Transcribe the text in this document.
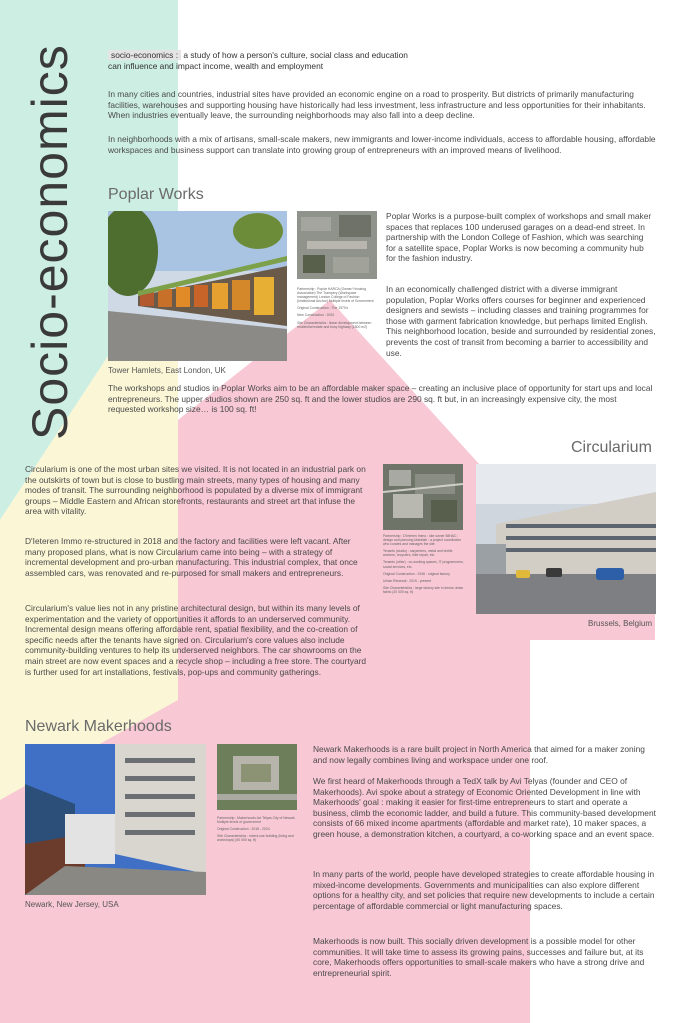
Socio-economics	socio-economics : a study of how a person's culture, social class and education can influence and impact income, wealth and employment

In many cities and countries, industrial sites have provided an economic engine on a road to prosperity. But districts of primarily manufacturing facilities, warehouses and supporting housing have historically had less investment, less infrastructure and less opportunities for their inhabitants. When industries eventually leave, the surrounding neighborhoods may also fall into a deep decline.

In neighborhoods with a mix of artisans, small-scale makers, new immigrants and lower-income individuals, access to affordable housing, affordable workspaces and business support can translate into growing group of entrepreneurs with an improved means of livelihood.

Poplar Works

Partnership : Poplar HARCA (Owner/ Housing Association) The Trampery (Workspace management) London College of Fashion (Institutional Anchor) Multiple levels of Government

Original Construction : The 1970's

New Construction : 2020

Site Characteristics : linear development between residential estate and busy highway (1800 m2)

Poplar Works is a purpose-built complex of workshops and small maker spaces that replaces 100 underused garages on a dead-end street. In partnership with the London College of Fashion, which was searching for a satellite space, Poplar Works is now becoming a community hub for the fashion industry.

In an economically challenged district with a diverse immigrant population, Poplar Works offers courses for beginner and experienced designers and sewists – including classes and training programmes for those with garment fabrication knowledge, but perhaps limited English. This neighborhood location, beside and surrounded by residential zones, prevents the cost of transit from becoming a barrier to accessibility and use.

Tower Hamlets, East London, UK

The workshops and studios in Poplar Works aim to be an affordable maker space – creating an inclusive place of opportunity for start ups and local entrepreneurs. The upper studios shown are 250 sq. ft and the lower studios are 290 sq. ft but, in an increasingly expensive city, the most requested workshop size… is 100 sq. ft!

Circularium

Circularium is one of the most urban sites we visited. It is not located in an industrial park on the outskirts of town but is close to bustling main streets, many types of housing and many modes of transit. The surrounding neighborhood is populated by a diverse mix of immigrant groups – Middle Eastern and African storefronts, restaurants and street art that infuse the area with vitality.

D'Ieteren Immo re-structured in 2018 and the factory and facilities were left vacant. After many proposed plans, what is now Circularium came into being – with a strategy of incremental development and pro-urban manufacturing. This industrial complex, that once assembled cars, was renovated and re-purposed for small makers and entrepreneurs.

Circularium's value lies not in any pristine architectural design, but within its many levels of experimentation and the variety of opportunities it affords to an underserved community. Incremental design means offering affordable rent, spatial flexibility, and the co-creation of specific needs after the tenants have signed on. Circularium's core values also include community-building ventures to help its underserved neighbors. The car showrooms on the main street are now event spaces and a recycle shop – including a free store. The courtyard is further used for art installations, festivals, pop-ups and community gatherings.

Partnership : D'Ieteren Immo : site owner 58HAC : design and planning Makelab : a project coordinator who curates and manages the site

Tenants (studio) : carpenters, metal and textile workers, recyclers, bike repair, etc.

Tenants (other) : co-working spaces, IT programmers, social services, etc.

Original Construction : 1946 : original factory

Urban Renewal : 2019 - present

Site Characteristics : large factory site in dense urban fabric (20 000 sq. ft)

Brussels, Belgium
Newark Makerhoods
Newark, New Jersey, USA

Partnership : Makerhoods Avi Telyas City of Newark Multiple levels of government

Original Construction : 2018 - 2024

Site Characteristics : mixed-use building (living and workshops) (50 000 sq. ft)

Newark Makerhoods is a rare built project in North America that aimed for a maker zoning and now legally combines living and workspace under one roof.

We first heard of Makerhoods through a TedX talk by Avi Telyas (founder and CEO of Makerhoods). Avi spoke about a strategy of Economic Oriented Development in line with Makerhoods' goal : making it easier for first-time entrepreneurs to start and operate a business, climb the economic ladder, and build a future. This community-based development consists of 66 mixed income apartments (affordable and market rate), 10 maker spaces, a green house, a demonstration kitchen, a courtyard, a co-working space and an event space.

In many parts of the world, people have developed strategies to create affordable housing in mixed-income developments. Governments and municipalities can also explore different options for a healthy city, and set policies that require new developments to include a certain percentage of affordable commercial or light manufacturing spaces.

Makerhoods is now built. This socially driven development is a possible model for other communities. It will take time to assess its growing pains, successes and failure but, at its core, Makerhoods offers opportunities to small-scale makers who have a strong drive and entrepreneurial spirit.
